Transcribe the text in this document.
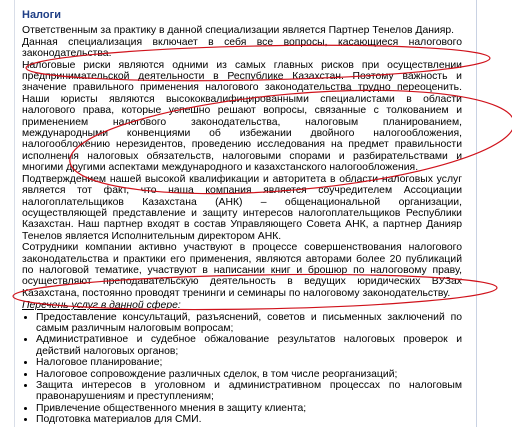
Налоги

Ответственным за практику в данной специализации является Партнер Тенелов Данияр.

Данная специализация включает в себя все вопросы, касающиеся налогового законодательства.

Налоговые риски являются одними из самых главных рисков при осуществлении предпринимательской деятельности в Республике Казахстан. Поэтому важность и значение правильного применения налогового законодательства трудно переоценить. Наши юристы являются высококвалифицированными специалистами в области налогового права, которые успешно решают вопросы, связанные с толкованием и применением налогового законодательства, налоговым планированием, международными конвенциями об избежании двойного налогообложения, налогообложению нерезидентов, проведению исследования на предмет правильности исполнения налоговых обязательств, налоговыми спорами и разбирательствами и многими другими аспектами международного и казахстанского налогообложения.

Подтверждением нашей высокой квалификации и авторитета в области налоговых услуг является тот факт, что наша компания является соучредителем Ассоциации налогоплательщиков Казахстана (АНК) – общенациональной организации, осуществляющей представление и защиту интересов налогоплательщиков Республики Казахстан. Наш партнер входят в состав Управляющего Совета АНК, а партнер Данияр Тенелов является Исполнительным директором АНК.

Сотрудники компании активно участвуют в процессе совершенствования налогового законодательства и практики его применения, являются авторами более 20 публикаций по налоговой тематике, участвуют в написании книг и брошюр по налоговому праву, осуществляют преподавательскую деятельность в ведущих юридических ВУЗах Казахстана, постоянно проводят тренинги и семинары по налоговому законодательству.

Перечень услуг в данной сфере:

Предоставление консультаций, разъяснений, советов и письменных заключений по самым различным налоговым вопросам;
Административное и судебное обжалование результатов налоговых проверок и действий налоговых органов;
Налоговое планирование;
Налоговое сопровождение различных сделок, в том числе реорганизаций;
Защита интересов в уголовном и административном процессах по налоговым правонарушениям и преступлениям;
Привлечение общественного мнения в защиту клиента;
Подготовка материалов для СМИ.
